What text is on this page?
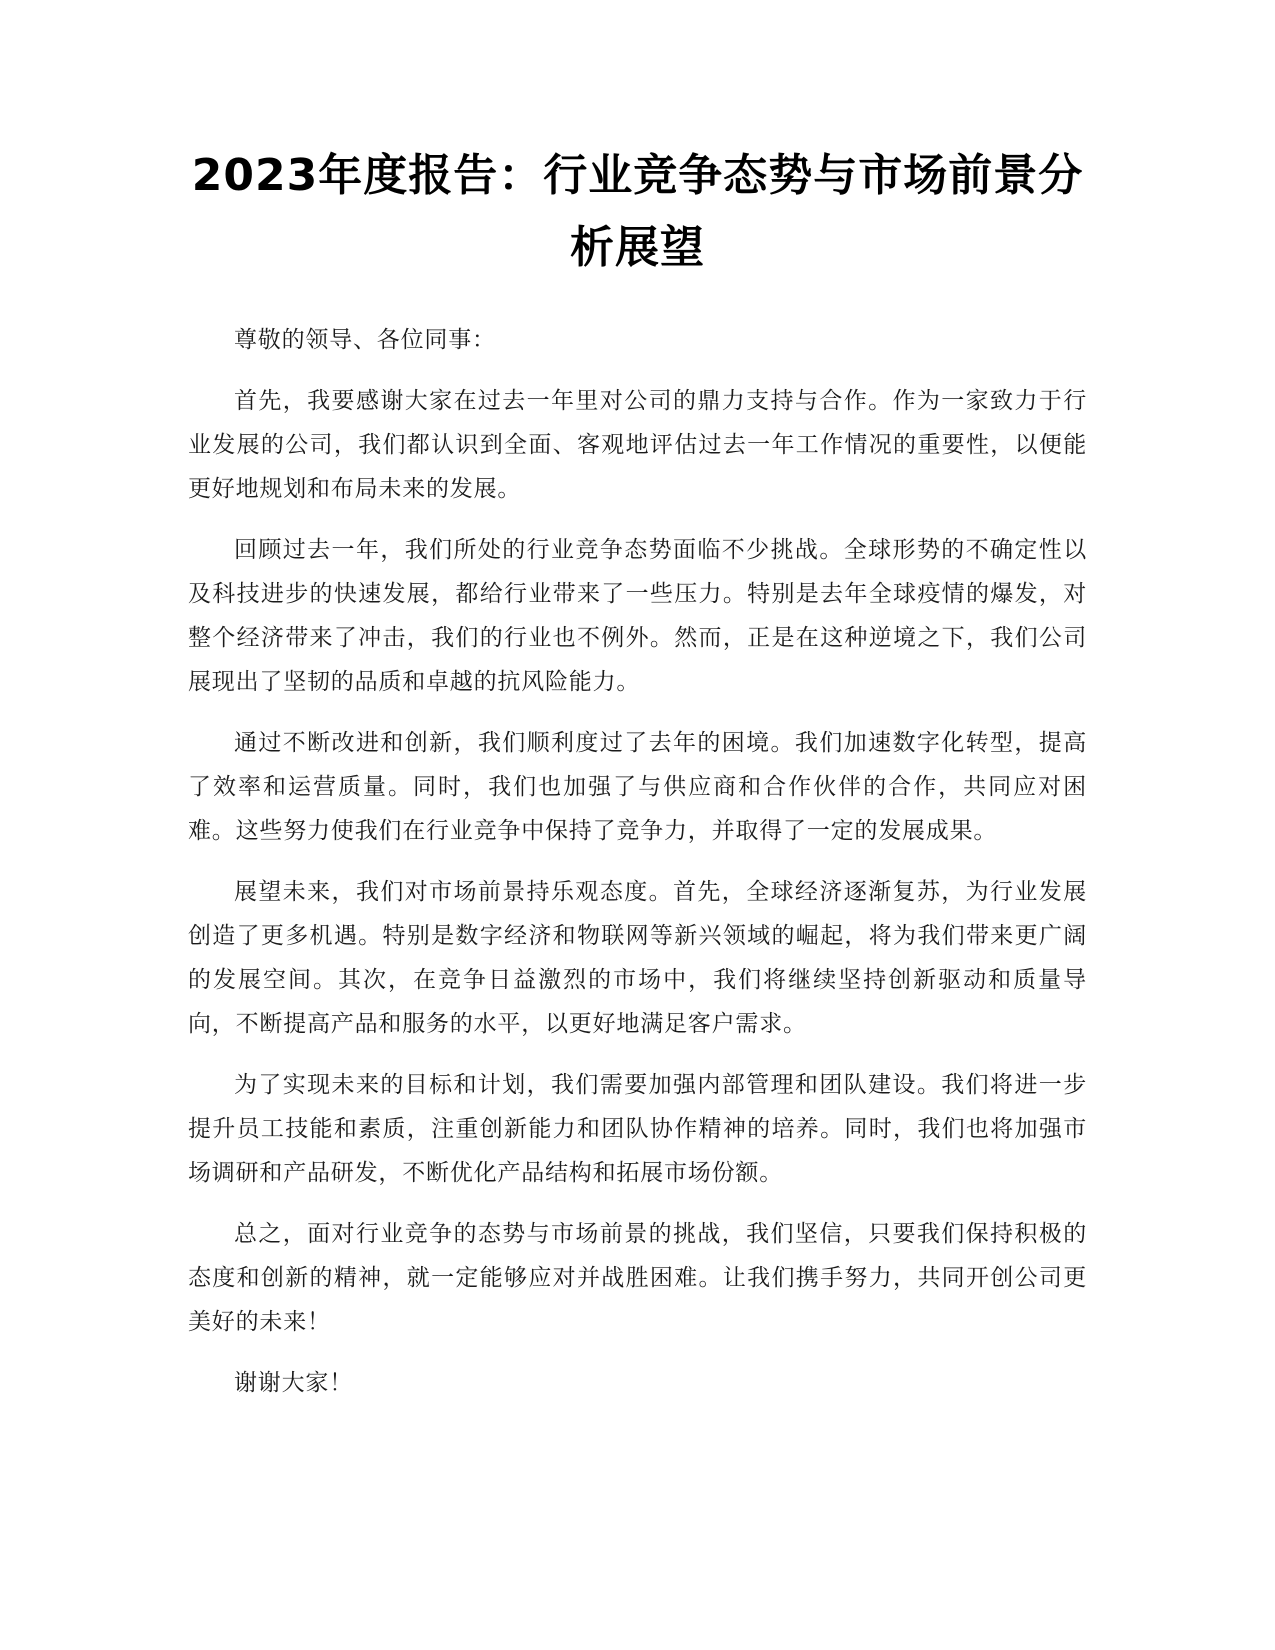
2023年度报告：行业竞争态势与市场前景分
析展望

尊敬的领导、各位同事：

首先，我要感谢大家在过去一年里对公司的鼎力支持与合作。作为一家致力于行业发展的公司，我们都认识到全面、客观地评估过去一年工作情况的重要性，以便能更好地规划和布局未来的发展。

回顾过去一年，我们所处的行业竞争态势面临不少挑战。全球形势的不确定性以及科技进步的快速发展，都给行业带来了一些压力。特别是去年全球疫情的爆发，对整个经济带来了冲击，我们的行业也不例外。然而，正是在这种逆境之下，我们公司展现出了坚韧的品质和卓越的抗风险能力。

通过不断改进和创新，我们顺利度过了去年的困境。我们加速数字化转型，提高了效率和运营质量。同时，我们也加强了与供应商和合作伙伴的合作，共同应对困难。这些努力使我们在行业竞争中保持了竞争力，并取得了一定的发展成果。

展望未来，我们对市场前景持乐观态度。首先，全球经济逐渐复苏，为行业发展创造了更多机遇。特别是数字经济和物联网等新兴领域的崛起，将为我们带来更广阔的发展空间。其次，在竞争日益激烈的市场中，我们将继续坚持创新驱动和质量导向，不断提高产品和服务的水平，以更好地满足客户需求。

为了实现未来的目标和计划，我们需要加强内部管理和团队建设。我们将进一步提升员工技能和素质，注重创新能力和团队协作精神的培养。同时，我们也将加强市场调研和产品研发，不断优化产品结构和拓展市场份额。

总之，面对行业竞争的态势与市场前景的挑战，我们坚信，只要我们保持积极的态度和创新的精神，就一定能够应对并战胜困难。让我们携手努力，共同开创公司更美好的未来！

谢谢大家！
